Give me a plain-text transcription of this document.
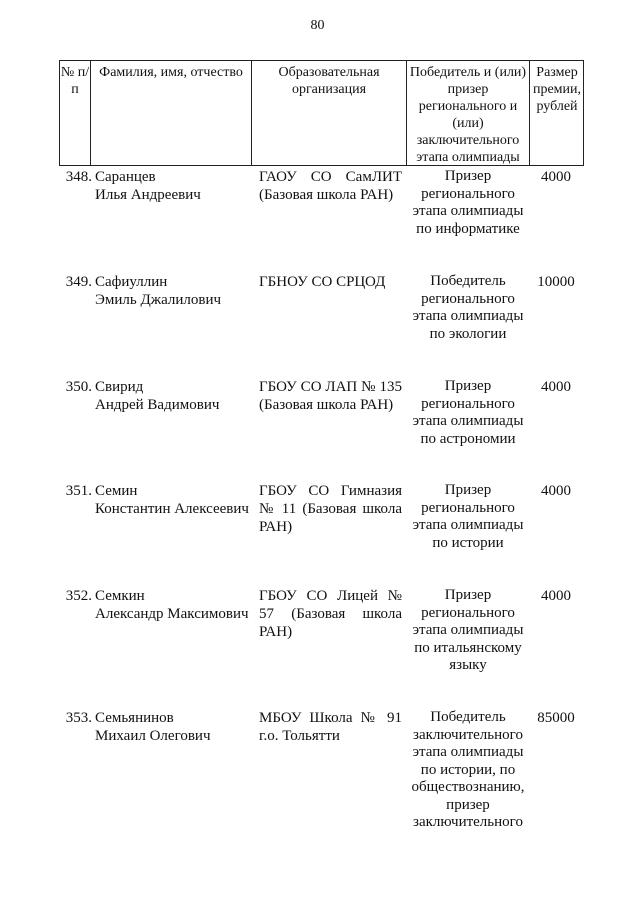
80
№ п/п
Фамилия, имя, отчество	Образовательная организация
Победитель и (или) призер регионального и (или) заключительного этапа олимпиады
Размер премии, рублей
348. Саранцев
Илья Андреевич
ГАОУ СО СамЛИТ (Базовая школа РАН)
Призер регионального этапа олимпиады по информатике
4000
349. Сафиуллин
Эмиль Джалилович
ГБНОУ СО СРЦОД	Победитель регионального этапа олимпиады по экологии
10000
350. Свирид
Андрей Вадимович
ГБОУ СО ЛАП № 135 (Базовая школа РАН)
Призер регионального этапа олимпиады по астрономии
4000
351. Семин
Константин Алексеевич
ГБОУ СО Гимназия № 11 (Базовая школа РАН)
Призер регионального этапа олимпиады по истории
4000
352. Семкин
Александр Максимович
ГБОУ СО Лицей № 57 (Базовая школа РАН)
Призер регионального этапа олимпиады по итальянскому языку
4000
353. Семьянинов
Михаил Олегович
МБОУ Школа № 91 г.о. Тольятти
Победитель заключительного этапа олимпиады по истории, по обществознанию, призер заключительного
85000
